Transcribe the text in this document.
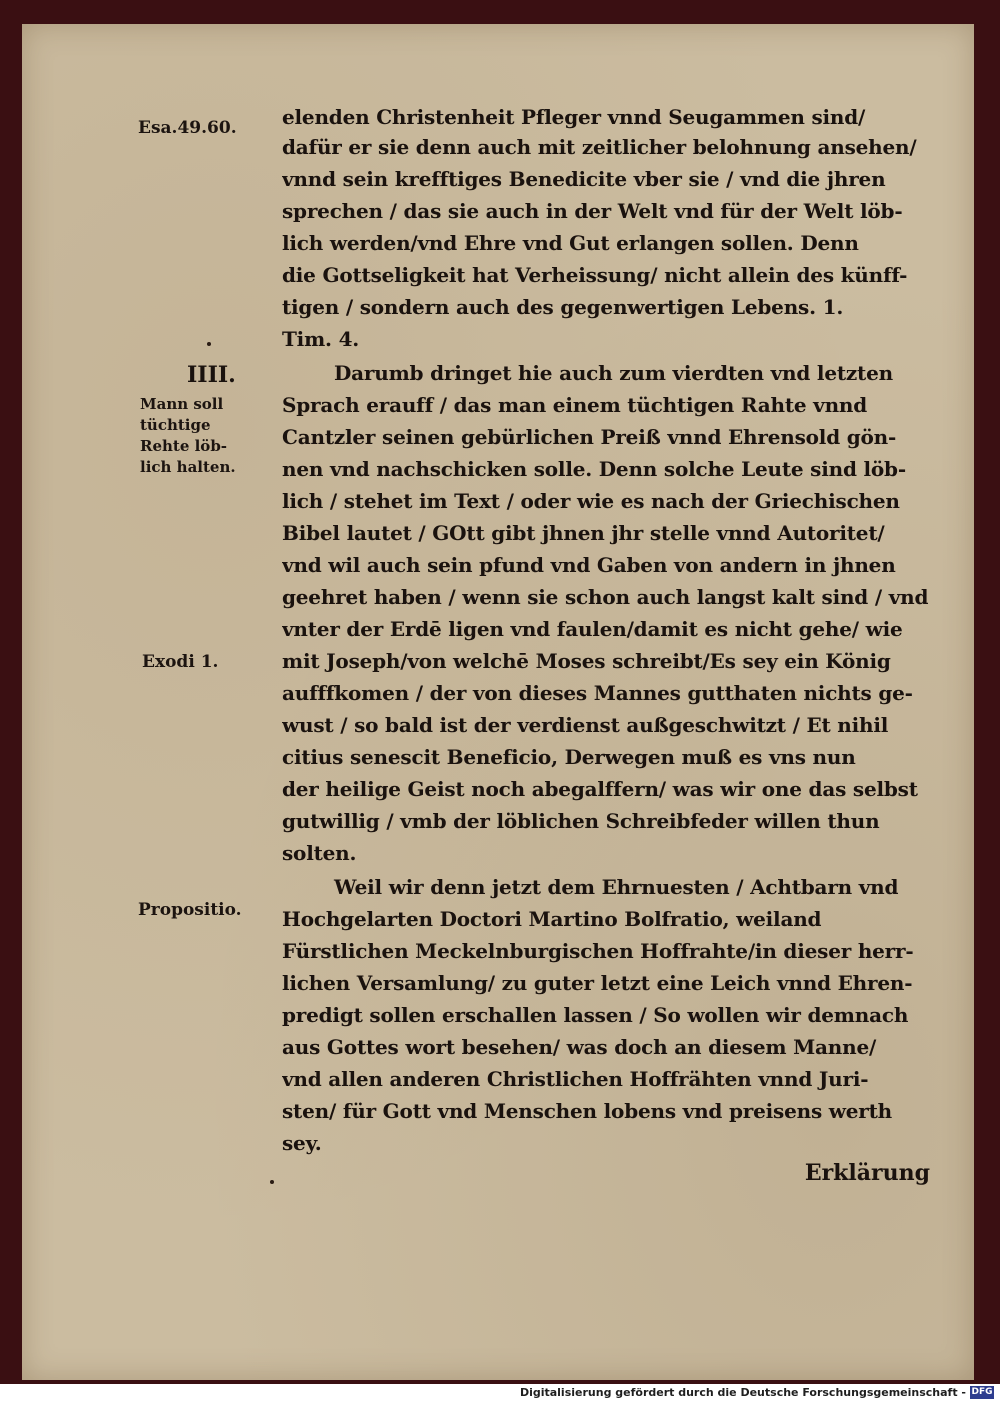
Esa.49.60.
IIII.
Mann soll
tüchtige
Rehte löb-
lich halten.
Exodi 1.
Propositio.
elenden Christenheit Pfleger vnnd Seugammen sind/
dafür er sie denn auch mit zeitlicher belohnung ansehen/
vnnd sein krefftiges Benedicite vber sie / vnd die jhren
sprechen / das sie auch in der Welt vnd für der Welt löb-
lich werden/vnd Ehre vnd Gut erlangen sollen. Denn
die Gottseligkeit hat Verheissung/ nicht allein des künff-
tigen / sondern auch des gegenwertigen Lebens. 1.
Tim. 4.
Darumb dringet hie auch zum vierdten vnd letzten
Sprach erauff / das man einem tüchtigen Rahte vnnd
Cantzler seinen gebürlichen Preiß vnnd Ehrensold gön-
nen vnd nachschicken solle. Denn solche Leute sind löb-
lich / stehet im Text / oder wie es nach der Griechischen
Bibel lautet / GOtt gibt jhnen jhr stelle vnnd Autoritet/
vnd wil auch sein pfund vnd Gaben von andern in jhnen
geehret haben / wenn sie schon auch langst kalt sind / vnd
vnter der Erdē ligen vnd faulen/damit es nicht gehe/ wie
mit Joseph/von welchē Moses schreibt/Es sey ein König
aufffkomen / der von dieses Mannes gutthaten nichts ge-
wust / so bald ist der verdienst außgeschwitzt / Et nihil
citius senescit Beneficio, Derwegen muß es vns nun
der heilige Geist noch abegalffern/ was wir one das selbst
gutwillig / vmb der löblichen Schreibfeder willen thun
solten.
Weil wir denn jetzt dem Ehrnuesten / Achtbarn vnd
Hochgelarten Doctori Martino Bolfratio, weiland
Fürstlichen Meckelnburgischen Hoffrahte/in dieser herr-
lichen Versamlung/ zu guter letzt eine Leich vnnd Ehren-
predigt sollen erschallen lassen / So wollen wir demnach
aus Gottes wort besehen/ was doch an diesem Manne/
vnd allen anderen Christlichen Hoffrähten vnnd Juri-
sten/ für Gott vnd Menschen lobens vnd preisens werth
sey.
Erklärung
Digitalisierung gefördert durch die Deutsche Forschungsgemeinschaft - DFG
